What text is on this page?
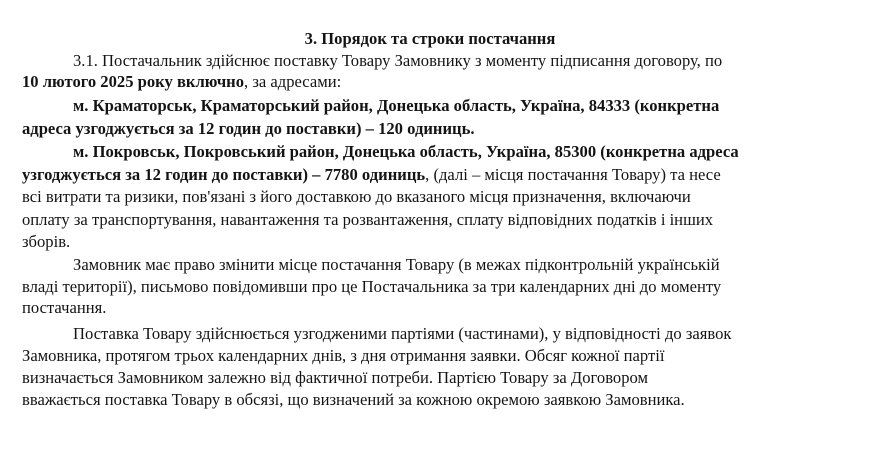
3. Порядок та строки постачання
3.1. Постачальник здійснює поставку Товару Замовнику з моменту підписання договору, по
10 лютого 2025 року включно, за адресами:
м. Краматорськ, Краматорський район, Донецька область, Україна, 84333 (конкретна
адреса узгоджується за 12 годин до поставки) – 120 одиниць.
м. Покровськ, Покровський район, Донецька область, Україна, 85300 (конкретна адреса
узгоджується за 12 годин до поставки) – 7780 одиниць, (далі – місця постачання Товару) та несе
всі витрати та ризики, пов'язані з його доставкою до вказаного місця призначення, включаючи
оплату за транспортування, навантаження та розвантаження, сплату відповідних податків і інших
зборів.
Замовник має право змінити місце постачання Товару (в межах підконтрольній українській
владі території), письмово повідомивши про це Постачальника за три календарних дні до моменту
постачання.
Поставка Товару здійснюється узгодженими партіями (частинами), у відповідності до заявок
Замовника, протягом трьох календарних днів, з дня отримання заявки. Обсяг кожної партії
визначається Замовником залежно від фактичної потреби. Партією Товару за Договором
вважається поставка Товару в обсязі, що визначений за кожною окремою заявкою Замовника.
